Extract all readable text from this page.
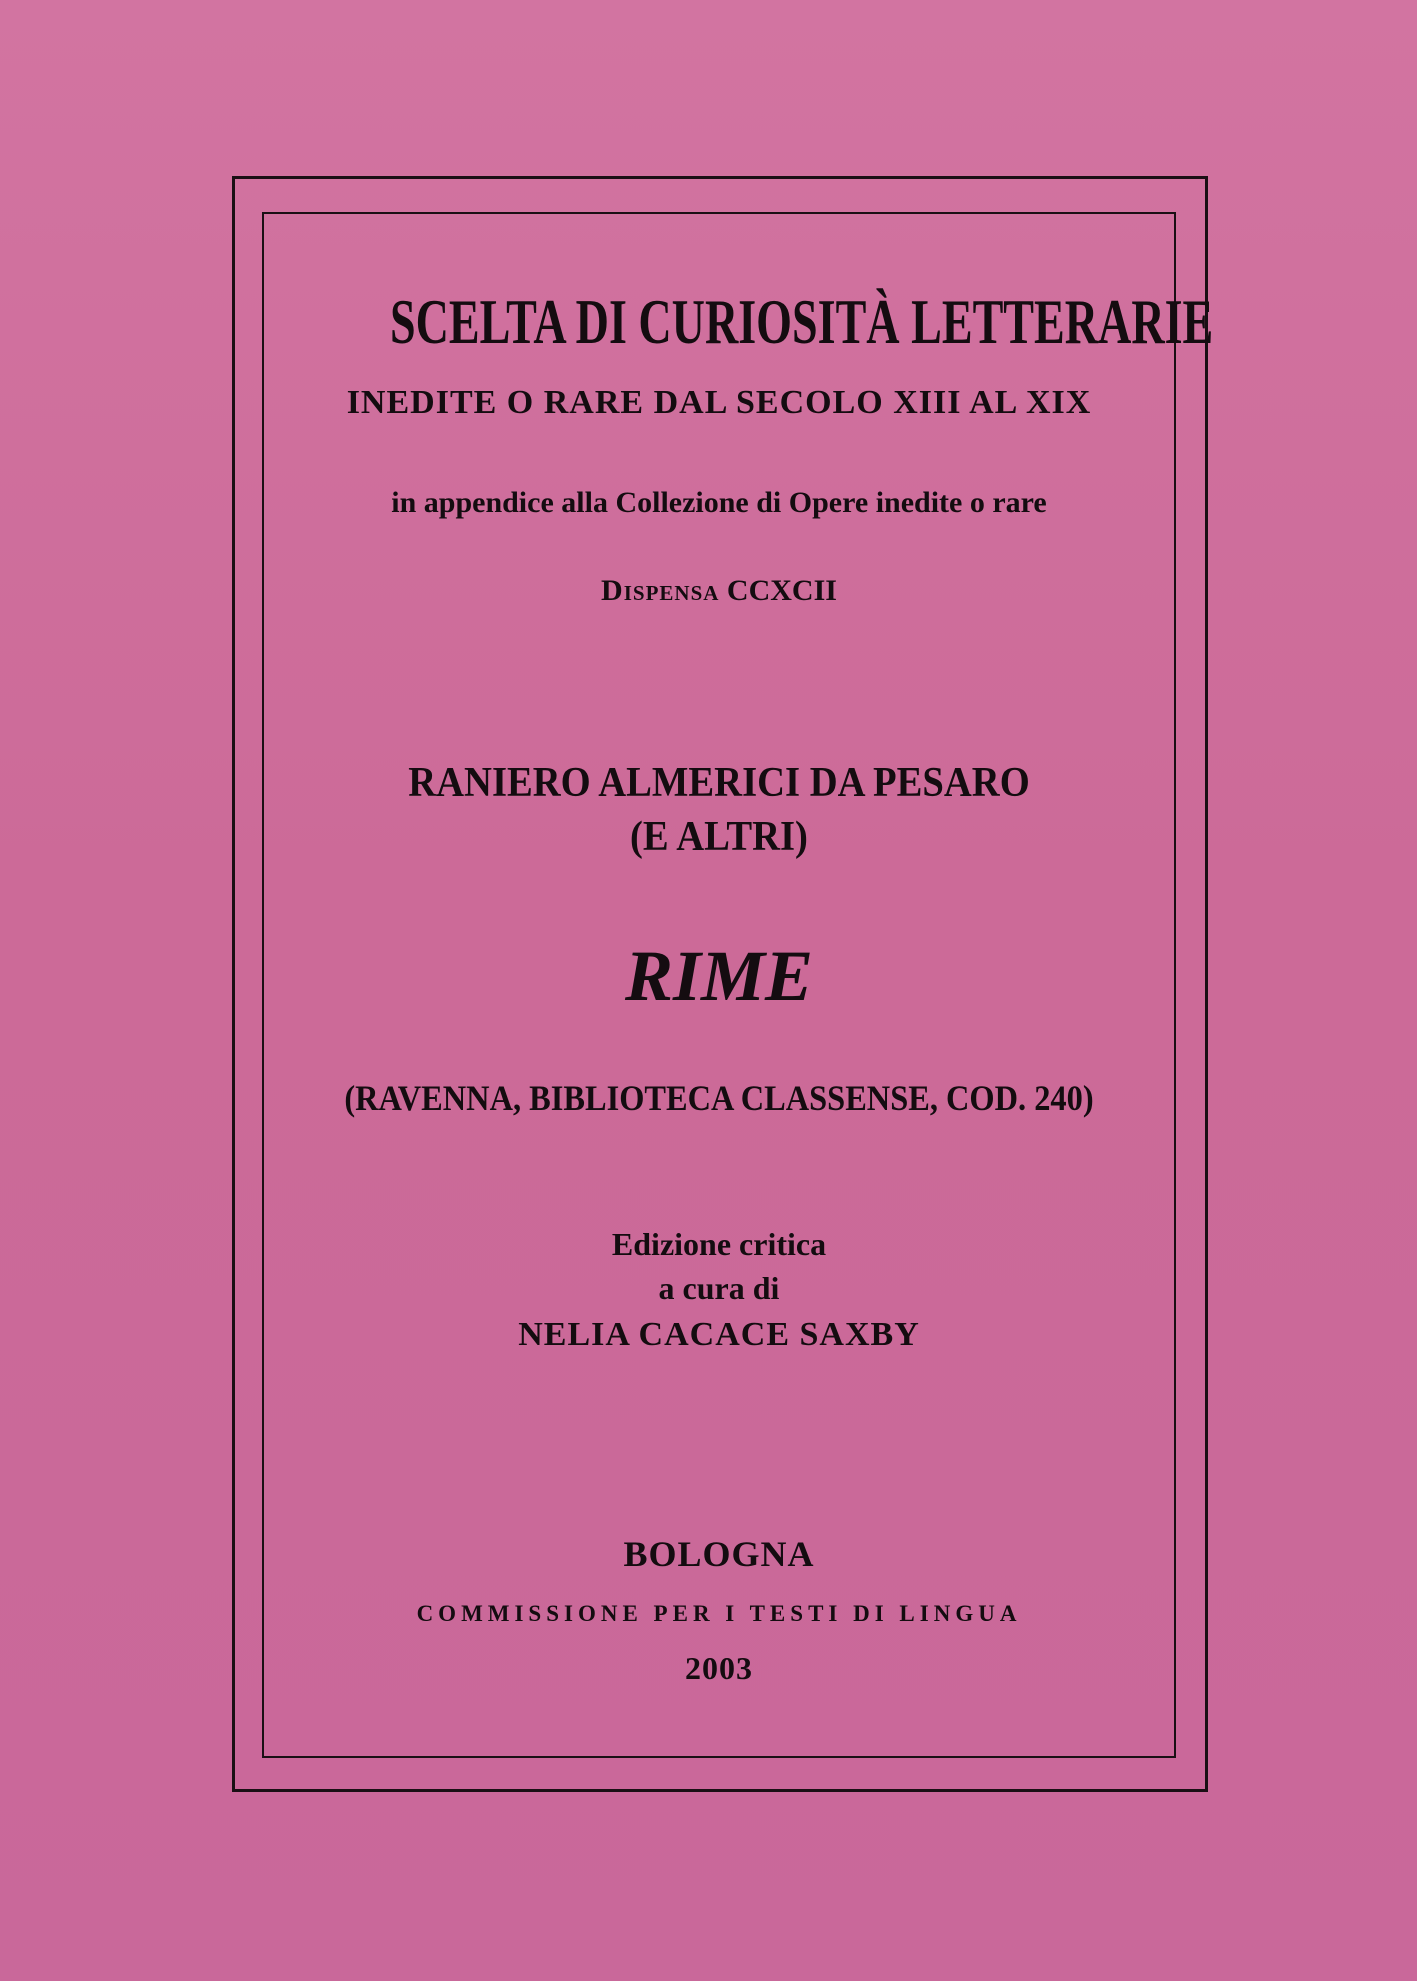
SCELTA DI CURIOSITÀ LETTERARIE
INEDITE O RARE DAL SECOLO XIII AL XIX
in appendice alla Collezione di Opere inedite o rare
Dispensa CCXCII
RANIERO ALMERICI DA PESARO
(E ALTRI)
RIME
(RAVENNA, BIBLIOTECA CLASSENSE, COD. 240)
Edizione critica
a cura di
NELIA CACACE SAXBY
BOLOGNA
COMMISSIONE PER I TESTI DI LINGUA
2003
